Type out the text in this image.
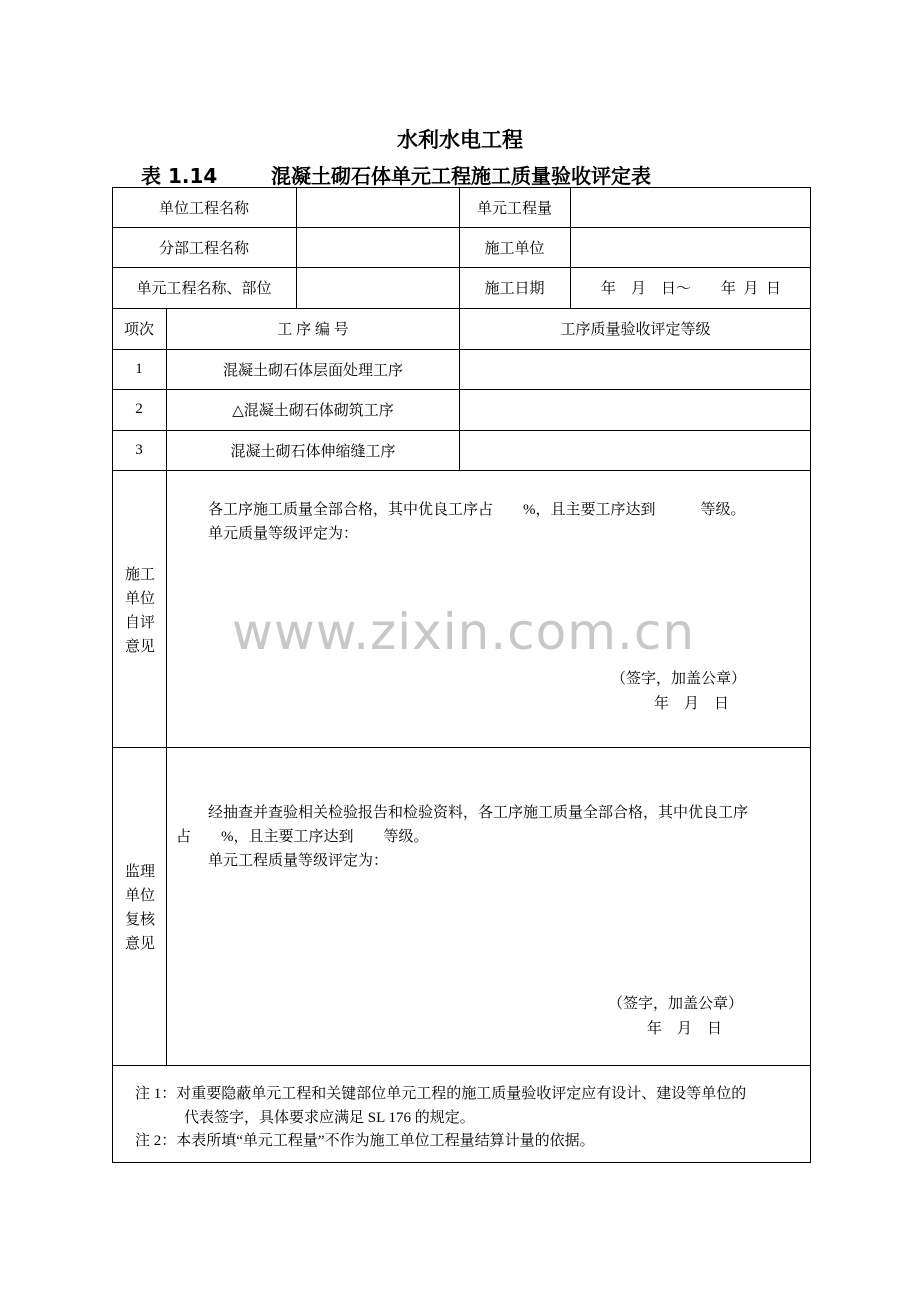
水利水电工程
表 1.14	混凝土砌石体单元工程施工质量验收评定表
单位工程名称	单元工程量
分部工程名称	施工单位
单元工程名称、部位	施工日期	年　月　日～　　年  月  日
项次	工 序 编 号	工序质量验收评定等级
1	混凝土砌石体层面处理工序
2	△混凝土砌石体砌筑工序
3	混凝土砌石体伸缩缝工序
施工
单位
自评
意见
各工序施工质量全部合格，其中优良工序占　　%，且主要工序达到　　　等级。
单元质量等级评定为：
（签字，加盖公章）
年　月　日
监理
单位
复核
意见
经抽查并查验相关检验报告和检验资料，各工序施工质量全部合格，其中优良工序
占　　%，且主要工序达到　　等级。
单元工程质量等级评定为：
（签字，加盖公章）
年　月　日
注 1：对重要隐蔽单元工程和关键部位单元工程的施工质量验收评定应有设计、建设等单位的
代表签字，具体要求应满足 SL 176 的规定。
注 2：本表所填“单元工程量”不作为施工单位工程量结算计量的依据。
www.zixin.com.cn
